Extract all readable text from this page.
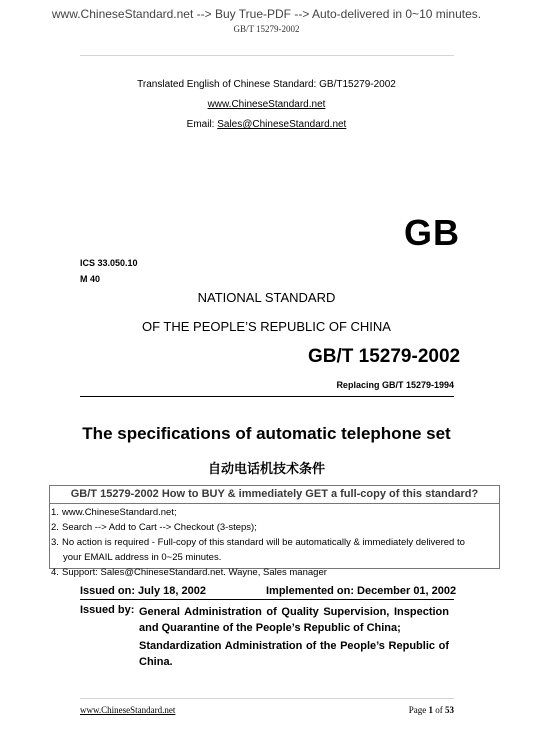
www.ChineseStandard.net --> Buy True-PDF --> Auto-delivered in 0~10 minutes.
GB/T 15279-2002
Translated English of Chinese Standard: GB/T15279-2002
www.ChineseStandard.net
Email: Sales@ChineseStandard.net
GB
ICS 33.050.10
M 40
NATIONAL STANDARD
OF THE PEOPLE’S REPUBLIC OF CHINA
GB/T 15279-2002
Replacing GB/T 15279-1994
The specifications of automatic telephone set
自动电话机技术条件
GB/T 15279-2002 How to BUY & immediately GET a full-copy of this standard?
1. www.ChineseStandard.net;
2. Search --> Add to Cart --> Checkout (3-steps);
3. No action is required - Full-copy of this standard will be automatically & immediately delivered to
your EMAIL address in 0~25 minutes.
4. Support: Sales@ChineseStandard.net. Wayne, Sales manager
Issued on: July 18, 2002	Implemented on: December 01, 2002
Issued by: General Administration of Quality Supervision, Inspection and Quarantine of the People’s Republic of China;
Standardization Administration of the People’s Republic of China.
www.ChineseStandard.net	Page 1 of 53
